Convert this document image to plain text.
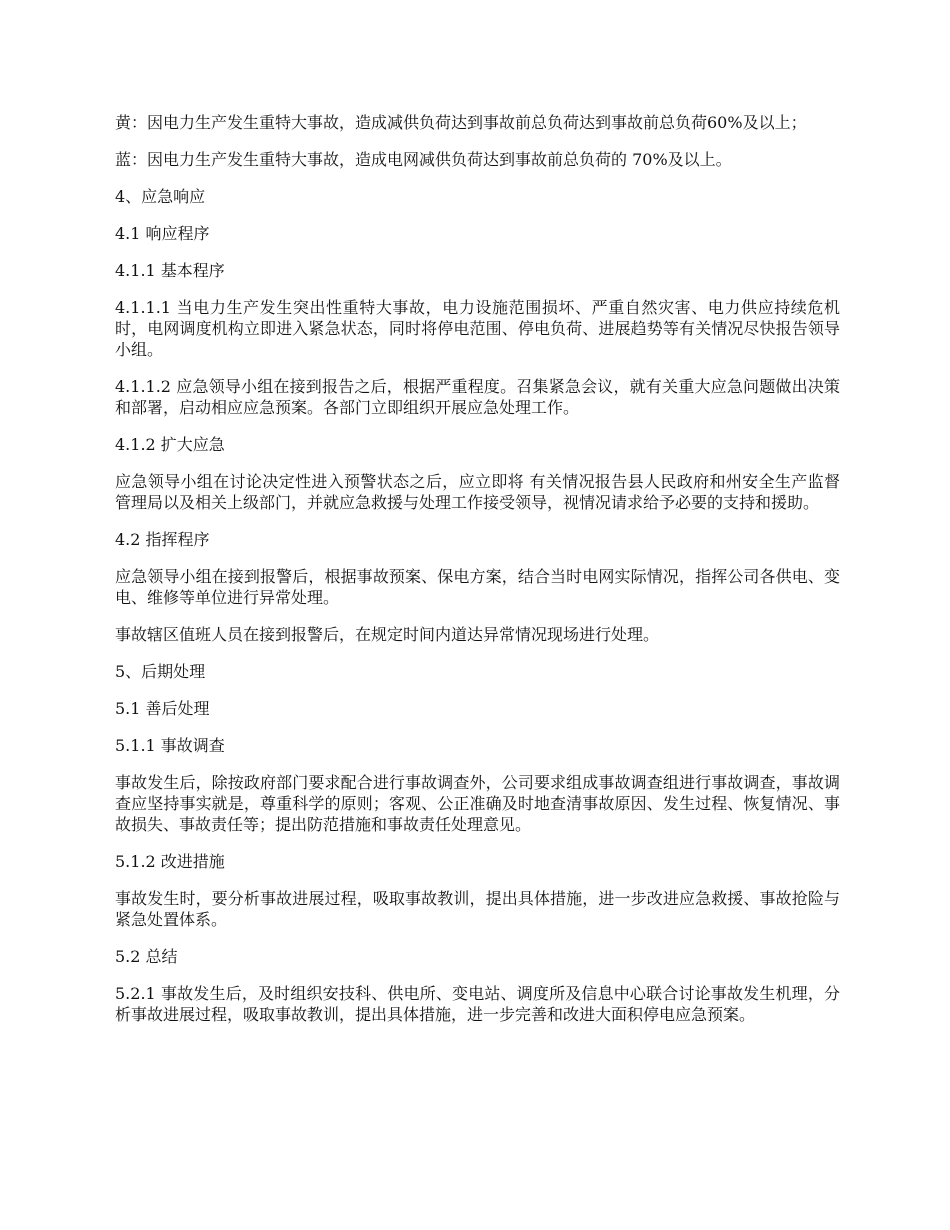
黄：因电力生产发生重特大事故，造成减供负荷达到事故前总负荷达到事故前总负荷60%及以上；

蓝：因电力生产发生重特大事故，造成电网减供负荷达到事故前总负荷的 70%及以上。

4、应急响应

4.1 响应程序

4.1.1 基本程序

4.1.1.1 当电力生产发生突出性重特大事故，电力设施范围损坏、严重自然灾害、电力供应持续危机时，电网调度机构立即进入紧急状态，同时将停电范围、停电负荷、进展趋势等有关情况尽快报告领导小组。

4.1.1.2 应急领导小组在接到报告之后，根据严重程度。召集紧急会议，就有关重大应急问题做出决策和部署，启动相应应急预案。各部门立即组织开展应急处理工作。

4.1.2 扩大应急

应急领导小组在讨论决定性进入预警状态之后，应立即将 有关情况报告县人民政府和州安全生产监督管理局以及相关上级部门，并就应急救援与处理工作接受领导，视情况请求给予必要的支持和援助。

4.2 指挥程序

应急领导小组在接到报警后，根据事故预案、保电方案，结合当时电网实际情况，指挥公司各供电、变电、维修等单位进行异常处理。

事故辖区值班人员在接到报警后，在规定时间内道达异常情况现场进行处理。

5、后期处理

5.1 善后处理

5.1.1 事故调查

事故发生后，除按政府部门要求配合进行事故调查外，公司要求组成事故调查组进行事故调查，事故调查应坚持事实就是，尊重科学的原则；客观、公正准确及时地查清事故原因、发生过程、恢复情况、事故损失、事故责任等；提出防范措施和事故责任处理意见。

5.1.2 改进措施

事故发生时，要分析事故进展过程，吸取事故教训，提出具体措施，进一步改进应急救援、事故抢险与紧急处置体系。

5.2 总结

5.2.1 事故发生后，及时组织安技科、供电所、变电站、调度所及信息中心联合讨论事故发生机理，分析事故进展过程，吸取事故教训，提出具体措施，进一步完善和改进大面积停电应急预案。
